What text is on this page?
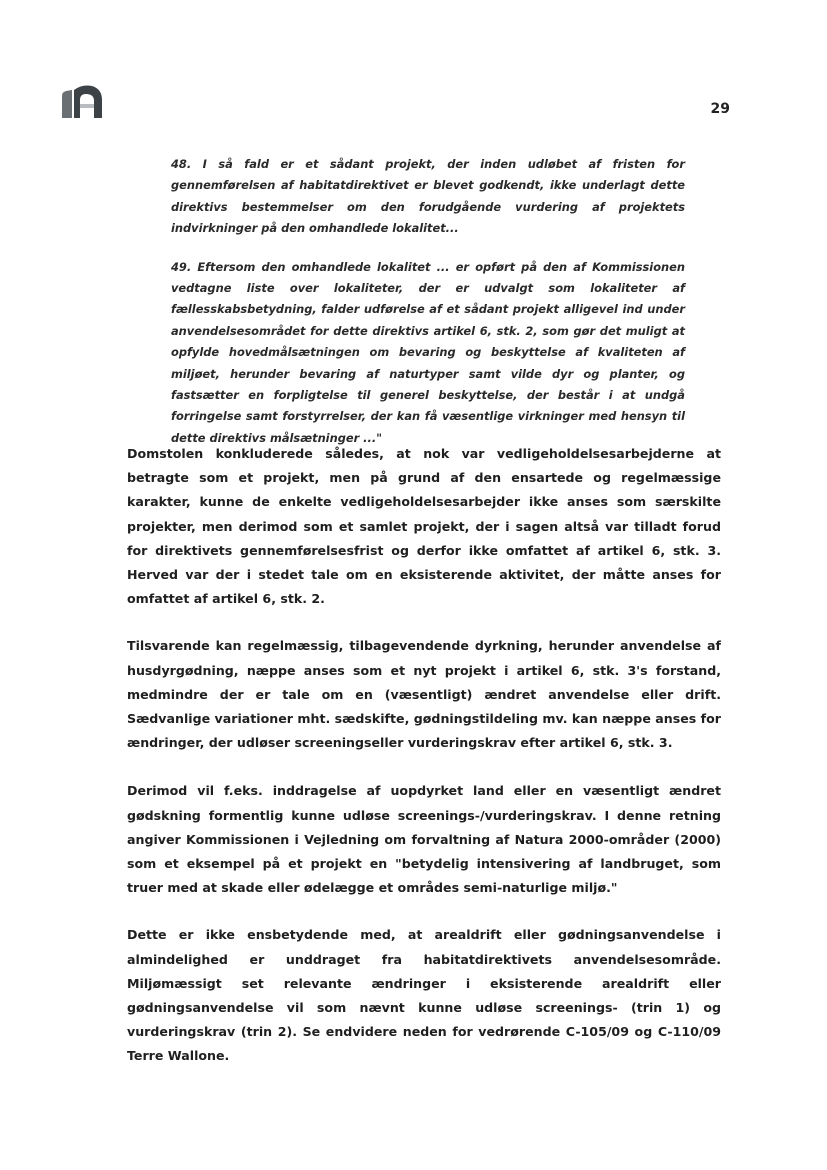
29

48. I så fald er et sådant projekt, der inden udløbet af fristen for gennemførelsen af habitatdirektivet er blevet godkendt, ikke underlagt dette direktivs bestemmelser om den forudgående vurdering af projektets indvirkninger på den omhandlede lokalitet...

49. Eftersom den omhandlede lokalitet ... er opført på den af Kommissionen vedtagne liste over lokaliteter, der er udvalgt som lokaliteter af fællesskabsbetydning, falder udførelse af et sådant projekt alligevel ind under anvendelsesområdet for dette direktivs artikel 6, stk. 2, som gør det muligt at opfylde hovedmålsætningen om bevaring og beskyttelse af kvaliteten af miljøet, herunder bevaring af naturtyper samt vilde dyr og planter, og fastsætter en forpligtelse til generel beskyttelse, der består i at undgå forringelse samt forstyrrelser, der kan få væsentlige virkninger med hensyn til dette direktivs målsætninger ..."

Domstolen konkluderede således, at nok var vedligeholdelsesarbejderne at betragte som et projekt, men på grund af den ensartede og regelmæssige karakter, kunne de enkelte vedligeholdelsesarbejder ikke anses som særskilte projekter, men derimod som et samlet projekt, der i sagen altså var tilladt forud for direktivets gennemførelsesfrist og derfor ikke omfattet af artikel 6, stk. 3. Herved var der i stedet tale om en eksisterende aktivitet, der måtte anses for omfattet af artikel 6, stk. 2.

Tilsvarende kan regelmæssig, tilbagevendende dyrkning, herunder anvendelse af husdyrgødning, næppe anses som et nyt projekt i artikel 6, stk. 3's forstand, medmindre der er tale om en (væsentligt) ændret anvendelse eller drift. Sædvanlige variationer mht. sædskifte, gødningstildeling mv. kan næppe anses for ændringer, der udløser screeningseller vurderingskrav efter artikel 6, stk. 3.

Derimod vil f.eks. inddragelse af uopdyrket land eller en væsentligt ændret gødskning formentlig kunne udløse screenings-/vurderingskrav. I denne retning angiver Kommissionen i Vejledning om forvaltning af Natura 2000-områder (2000) som et eksempel på et projekt en "betydelig intensivering af landbruget, som truer med at skade eller ødelægge et områdes semi-naturlige miljø."

Dette er ikke ensbetydende med, at arealdrift eller gødningsanvendelse i almindelighed er unddraget fra habitatdirektivets anvendelsesområde. Miljømæssigt set relevante ændringer i eksisterende arealdrift eller gødningsanvendelse vil som nævnt kunne udløse screenings- (trin 1) og vurderingskrav (trin 2). Se endvidere neden for vedrørende C-105/09 og C-110/09 Terre Wallone.
